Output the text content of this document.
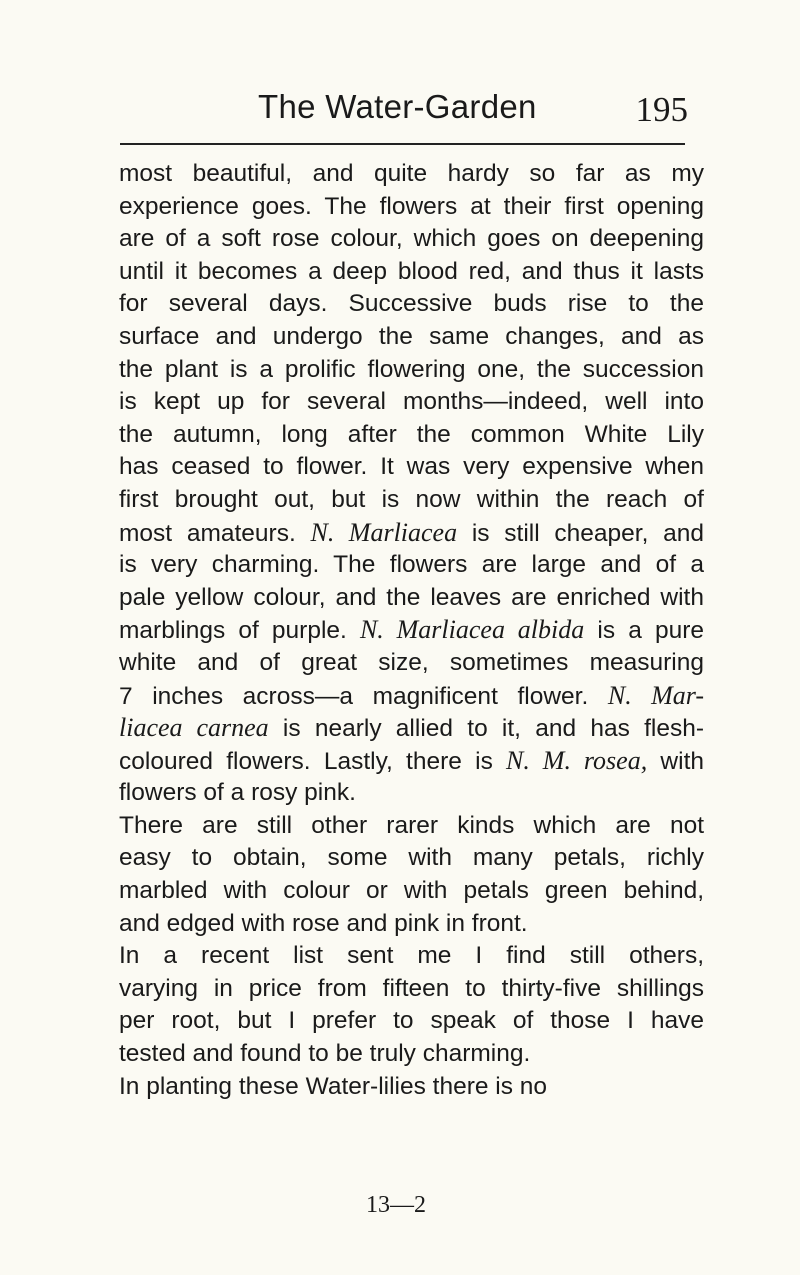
The Water-Garden	195
most beautiful, and quite hardy so far as my
experience goes. The flowers at their first opening
are of a soft rose colour, which goes on deepening
until it becomes a deep blood red, and thus it lasts
for several days. Successive buds rise to the
surface and undergo the same changes, and as
the plant is a prolific flowering one, the succession
is kept up for several months—indeed, well into
the autumn, long after the common White Lily
has ceased to flower. It was very expensive when
first brought out, but is now within the reach of
most amateurs. N. Marliacea is still cheaper, and
is very charming. The flowers are large and of a
pale yellow colour, and the leaves are enriched with
marblings of purple. N. Marliacea albida is a pure
white and of great size, sometimes measuring
7 inches across—a magnificent flower. N. Mar-
liacea carnea is nearly allied to it, and has flesh-
coloured flowers. Lastly, there is N. M. rosea, with
flowers of a rosy pink.
There are still other rarer kinds which are not
easy to obtain, some with many petals, richly
marbled with colour or with petals green behind,
and edged with rose and pink in front.
In a recent list sent me I find still others,
varying in price from fifteen to thirty-five shillings
per root, but I prefer to speak of those I have
tested and found to be truly charming.
In planting these Water-lilies there is no
13—2
